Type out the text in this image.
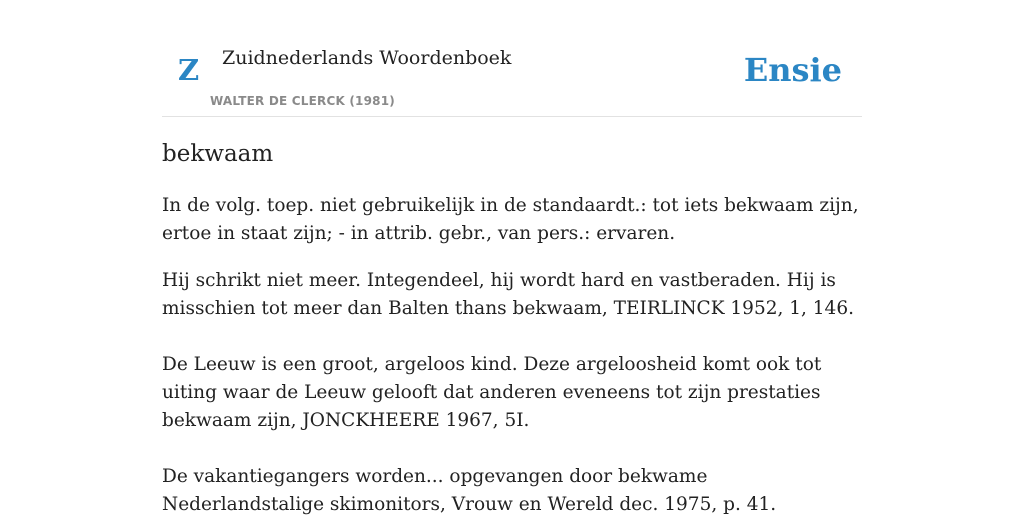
Z Zuidnederlands Woordenboek
WALTER DE CLERCK (1981)
Ensie
bekwaam

In de volg. toep. niet gebruikelijk in de standaardt.: tot iets bekwaam zijn, ertoe in staat zijn; - in attrib. gebr., van pers.: ervaren.

Hij schrikt niet meer. Integendeel, hij wordt hard en vastberaden. Hij is misschien tot meer dan Balten thans bekwaam, TEIRLINCK 1952, 1, 146.

De Leeuw is een groot, argeloos kind. Deze argeloosheid komt ook tot uiting waar de Leeuw gelooft dat anderen eveneens tot zijn prestaties bekwaam zijn, JONCKHEERE 1967, 5I.

De vakantiegangers worden... opgevangen door bekwame Nederlandstalige skimonitors, Vrouw en Wereld dec. 1975, p. 41.
